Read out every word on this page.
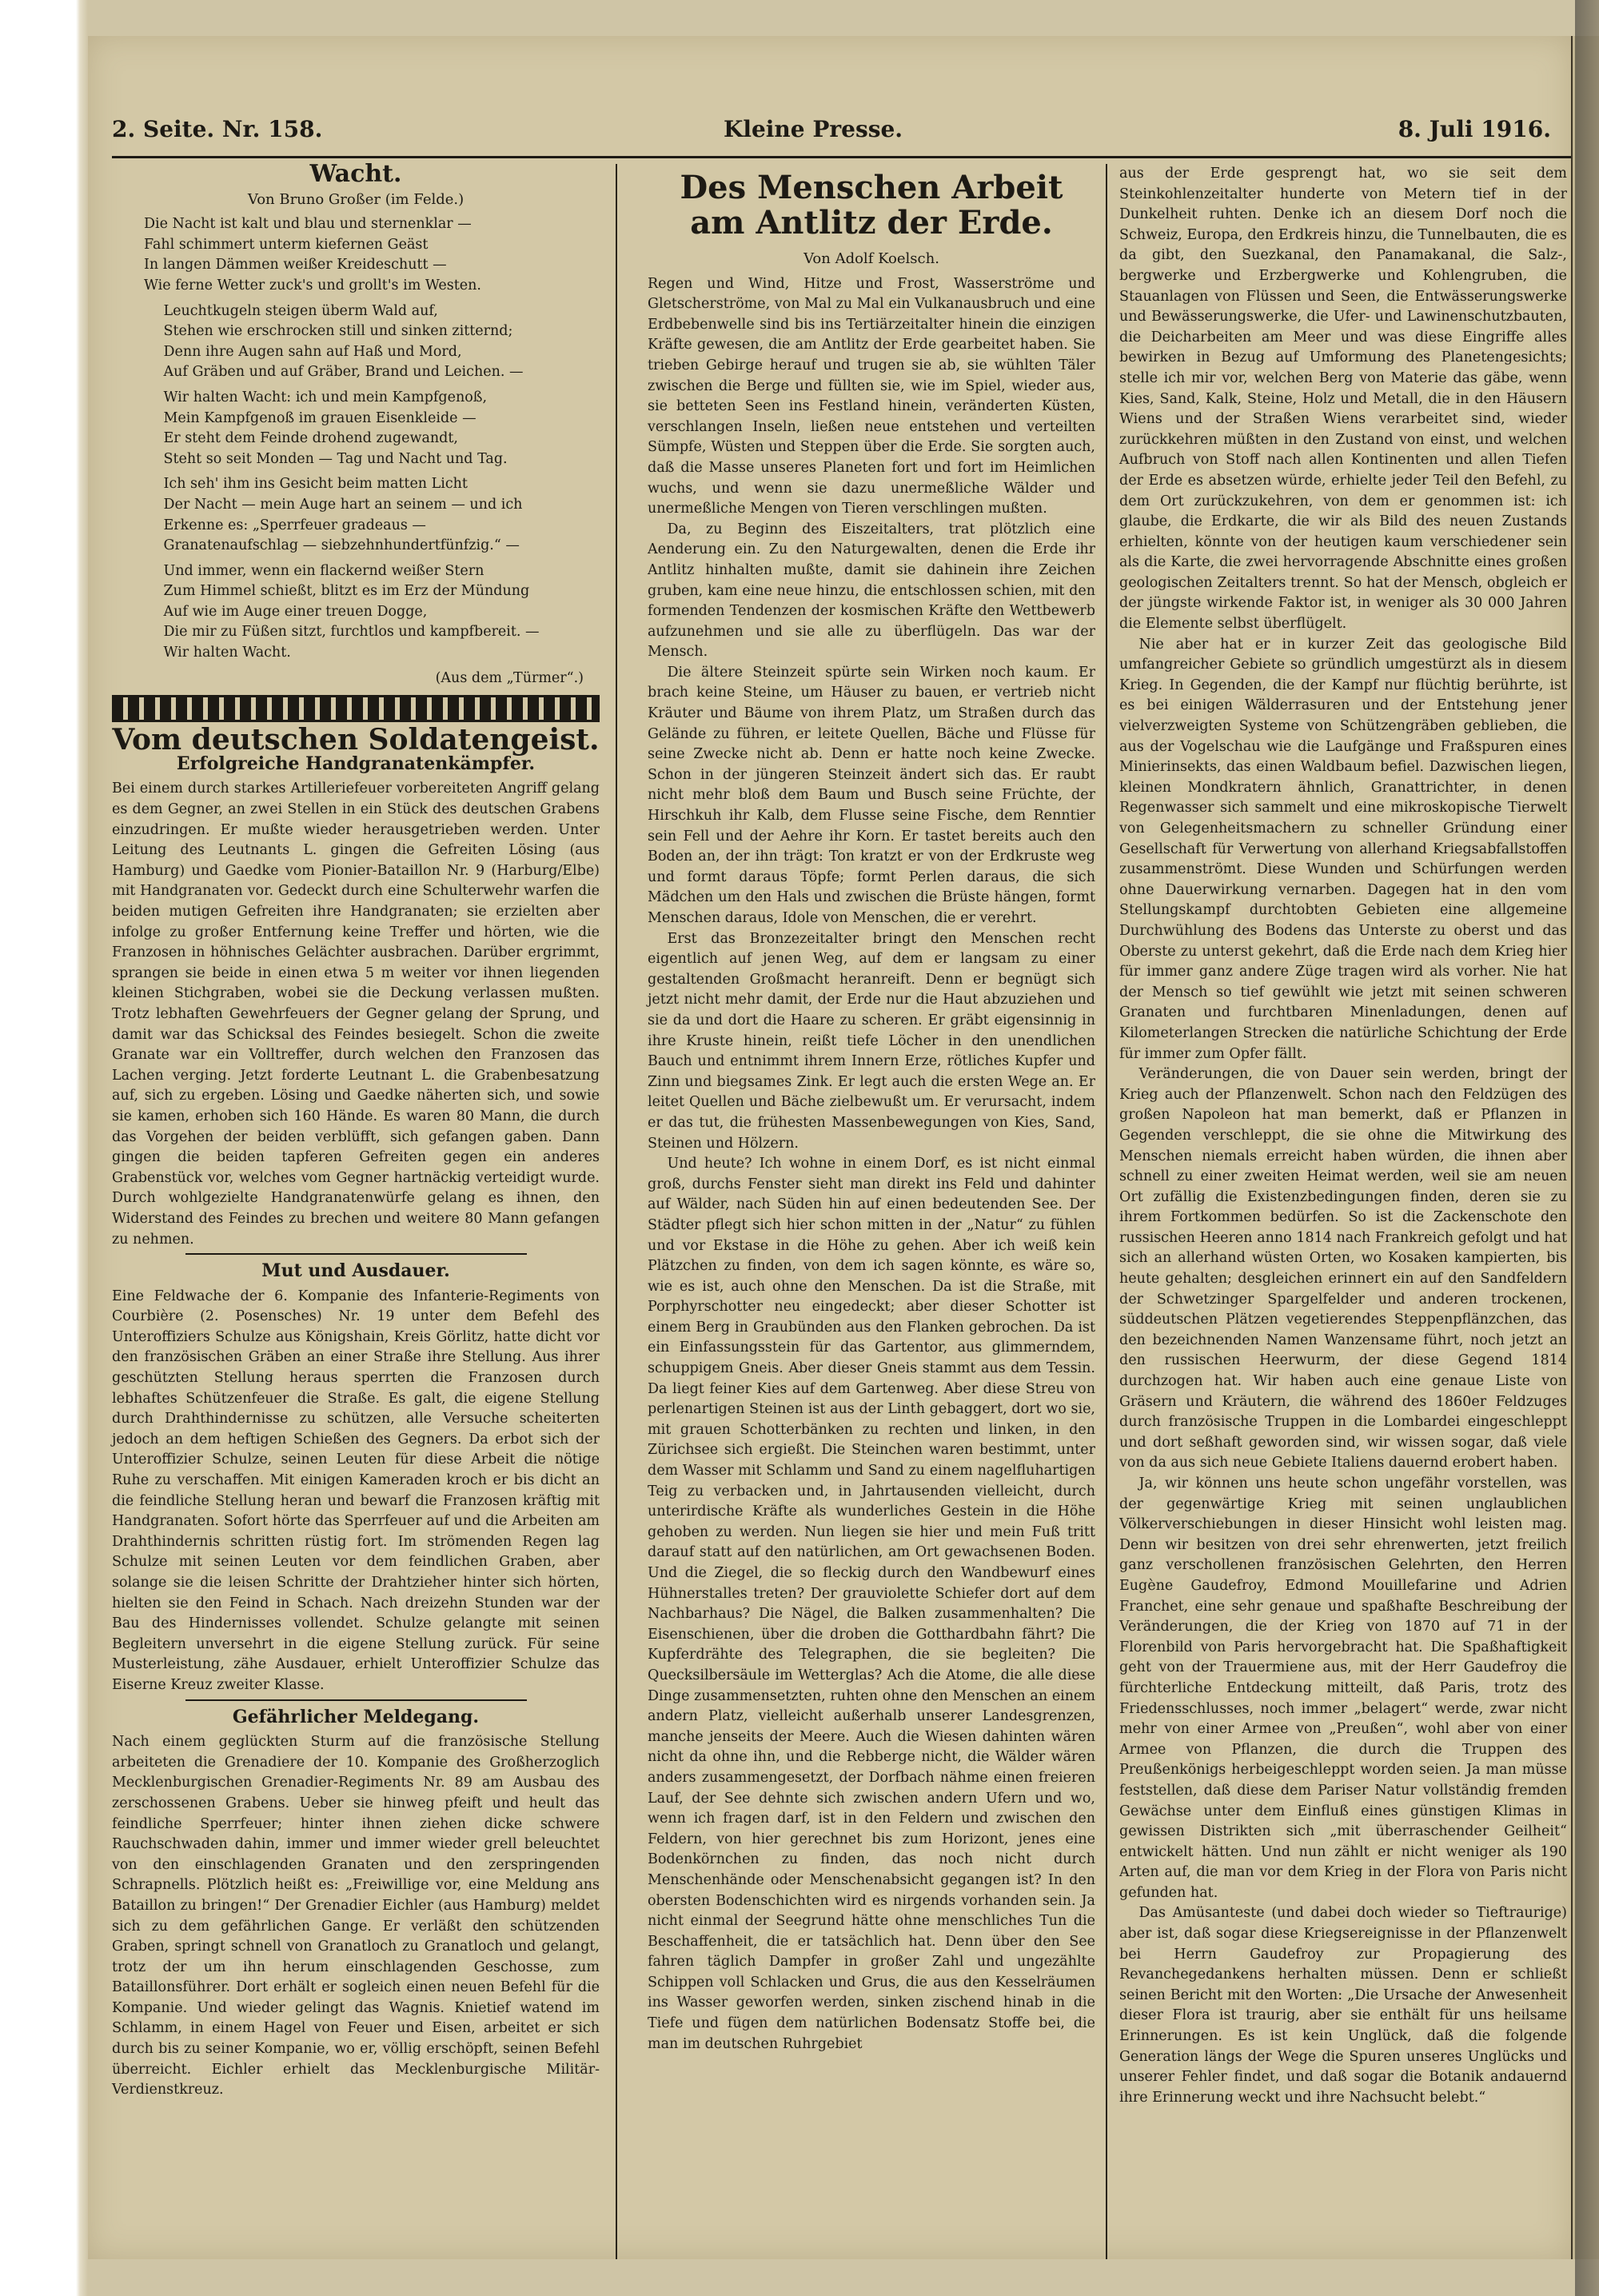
2. Seite. Nr. 158.	Kleine Presse.	8. Juli 1916.
Wacht.
Von Bruno Großer (im Felde.)

Die Nacht ist kalt und blau und sternenklar —
Fahl schimmert unterm kiefernen Geäst
In langen Dämmen weißer Kreideschutt —
Wie ferne Wetter zuck's und grollt's im Westen.

Leuchtkugeln steigen überm Wald auf,
Stehen wie erschrocken still und sinken zitternd;
Denn ihre Augen sahn auf Haß und Mord,
Auf Gräben und auf Gräber, Brand und Leichen. —

Wir halten Wacht: ich und mein Kampfgenoß,
Mein Kampfgenoß im grauen Eisenkleide —
Er steht dem Feinde drohend zugewandt,
Steht so seit Monden — Tag und Nacht und Tag.

Ich seh' ihm ins Gesicht beim matten Licht
Der Nacht — mein Auge hart an seinem — und ich
Erkenne es: „Sperrfeuer gradeaus —
Granatenaufschlag — siebzehnhundertfünfzig.“ —

Und immer, wenn ein flackernd weißer Stern
Zum Himmel schießt, blitzt es im Erz der Mündung
Auf wie im Auge einer treuen Dogge,
Die mir zu Füßen sitzt, furchtlos und kampfbereit. —
Wir halten Wacht.

(Aus dem „Türmer“.)
Vom deutschen Soldatengeist.
Erfolgreiche Handgranatenkämpfer.

Bei einem durch starkes Artilleriefeuer vorbereiteten Angriff gelang es dem Gegner, an zwei Stellen in ein Stück des deutschen Grabens einzudringen. Er mußte wieder herausgetrieben werden. Unter Leitung des Leutnants L. gingen die Gefreiten Lösing (aus Hamburg) und Gaedke vom Pionier-Bataillon Nr. 9 (Harburg/Elbe) mit Handgranaten vor. Gedeckt durch eine Schulterwehr warfen die beiden mutigen Gefreiten ihre Handgranaten; sie erzielten aber infolge zu großer Entfernung keine Treffer und hörten, wie die Franzosen in höhnisches Gelächter ausbrachen. Darüber ergrimmt, sprangen sie beide in einen etwa 5 m weiter vor ihnen liegenden kleinen Stichgraben, wobei sie die Deckung verlassen mußten. Trotz lebhaften Gewehrfeuers der Gegner gelang der Sprung, und damit war das Schicksal des Feindes besiegelt. Schon die zweite Granate war ein Volltreffer, durch welchen den Franzosen das Lachen verging. Jetzt forderte Leutnant L. die Grabenbesatzung auf, sich zu ergeben. Lösing und Gaedke näherten sich, und sowie sie kamen, erhoben sich 160 Hände. Es waren 80 Mann, die durch das Vorgehen der beiden verblüfft, sich gefangen gaben. Dann gingen die beiden tapferen Gefreiten gegen ein anderes Grabenstück vor, welches vom Gegner hartnäckig verteidigt wurde. Durch wohlgezielte Handgranatenwürfe gelang es ihnen, den Widerstand des Feindes zu brechen und weitere 80 Mann gefangen zu nehmen.

Mut und Ausdauer.

Eine Feldwache der 6. Kompanie des Infanterie-Regiments von Courbière (2. Posensches) Nr. 19 unter dem Befehl des Unteroffiziers Schulze aus Königshain, Kreis Görlitz, hatte dicht vor den französischen Gräben an einer Straße ihre Stellung. Aus ihrer geschützten Stellung heraus sperrten die Franzosen durch lebhaftes Schützenfeuer die Straße. Es galt, die eigene Stellung durch Drahthindernisse zu schützen, alle Versuche scheiterten jedoch an dem heftigen Schießen des Gegners. Da erbot sich der Unteroffizier Schulze, seinen Leuten für diese Arbeit die nötige Ruhe zu verschaffen. Mit einigen Kameraden kroch er bis dicht an die feindliche Stellung heran und bewarf die Franzosen kräftig mit Handgranaten. Sofort hörte das Sperrfeuer auf und die Arbeiten am Drahthindernis schritten rüstig fort. Im strömenden Regen lag Schulze mit seinen Leuten vor dem feindlichen Graben, aber solange sie die leisen Schritte der Drahtzieher hinter sich hörten, hielten sie den Feind in Schach. Nach dreizehn Stunden war der Bau des Hindernisses vollendet. Schulze gelangte mit seinen Begleitern unversehrt in die eigene Stellung zurück. Für seine Musterleistung, zähe Ausdauer, erhielt Unteroffizier Schulze das Eiserne Kreuz zweiter Klasse.

Gefährlicher Meldegang.

Nach einem geglückten Sturm auf die französische Stellung arbeiteten die Grenadiere der 10. Kompanie des Großherzoglich Mecklenburgischen Grenadier-Regiments Nr. 89 am Ausbau des zerschossenen Grabens. Ueber sie hinweg pfeift und heult das feindliche Sperrfeuer; hinter ihnen ziehen dicke schwere Rauchschwaden dahin, immer und immer wieder grell beleuchtet von den einschlagenden Granaten und den zerspringenden Schrapnells. Plötzlich heißt es: „Freiwillige vor, eine Meldung ans Bataillon zu bringen!“ Der Grenadier Eichler (aus Hamburg) meldet sich zu dem gefährlichen Gange. Er verläßt den schützenden Graben, springt schnell von Granatloch zu Granatloch und gelangt, trotz der um ihn herum einschlagenden Geschosse, zum Bataillonsführer. Dort erhält er sogleich einen neuen Befehl für die Kompanie. Und wieder gelingt das Wagnis. Knietief watend im Schlamm, in einem Hagel von Feuer und Eisen, arbeitet er sich durch bis zu seiner Kompanie, wo er, völlig erschöpft, seinen Befehl überreicht. Eichler erhielt das Mecklenburgische Militär-Verdienstkreuz.

Des Menschen Arbeit am Antlitz der Erde.
Von Adolf Koelsch.

Regen und Wind, Hitze und Frost, Wasserströme und Gletscherströme, von Mal zu Mal ein Vulkanausbruch und eine Erdbebenwelle sind bis ins Tertiärzeitalter hinein die einzigen Kräfte gewesen, die am Antlitz der Erde gearbeitet haben. Sie trieben Gebirge herauf und trugen sie ab, sie wühlten Täler zwischen die Berge und füllten sie, wie im Spiel, wieder aus, sie betteten Seen ins Festland hinein, veränderten Küsten, verschlangen Inseln, ließen neue entstehen und verteilten Sümpfe, Wüsten und Steppen über die Erde. Sie sorgten auch, daß die Masse unseres Planeten fort und fort im Heimlichen wuchs, und wenn sie dazu unermeßliche Wälder und unermeßliche Mengen von Tieren verschlingen mußten.

Da, zu Beginn des Eiszeitalters, trat plötzlich eine Aenderung ein. Zu den Naturgewalten, denen die Erde ihr Antlitz hinhalten mußte, damit sie dahinein ihre Zeichen gruben, kam eine neue hinzu, die entschlossen schien, mit den formenden Tendenzen der kosmischen Kräfte den Wettbewerb aufzunehmen und sie alle zu überflügeln. Das war der Mensch.

Die ältere Steinzeit spürte sein Wirken noch kaum. Er brach keine Steine, um Häuser zu bauen, er vertrieb nicht Kräuter und Bäume von ihrem Platz, um Straßen durch das Gelände zu führen, er leitete Quellen, Bäche und Flüsse für seine Zwecke nicht ab. Denn er hatte noch keine Zwecke. Schon in der jüngeren Steinzeit ändert sich das. Er raubt nicht mehr bloß dem Baum und Busch seine Früchte, der Hirschkuh ihr Kalb, dem Flusse seine Fische, dem Renntier sein Fell und der Aehre ihr Korn. Er tastet bereits auch den Boden an, der ihn trägt: Ton kratzt er von der Erdkruste weg und formt daraus Töpfe; formt Perlen daraus, die sich Mädchen um den Hals und zwischen die Brüste hängen, formt Menschen daraus, Idole von Menschen, die er verehrt.

Erst das Bronzezeitalter bringt den Menschen recht eigentlich auf jenen Weg, auf dem er langsam zu einer gestaltenden Großmacht heranreift. Denn er begnügt sich jetzt nicht mehr damit, der Erde nur die Haut abzuziehen und sie da und dort die Haare zu scheren. Er gräbt eigensinnig in ihre Kruste hinein, reißt tiefe Löcher in den unendlichen Bauch und entnimmt ihrem Innern Erze, rötliches Kupfer und Zinn und biegsames Zink. Er legt auch die ersten Wege an. Er leitet Quellen und Bäche zielbewußt um. Er verursacht, indem er das tut, die frühesten Massenbewegungen von Kies, Sand, Steinen und Hölzern.

Und heute? Ich wohne in einem Dorf, es ist nicht einmal groß, durchs Fenster sieht man direkt ins Feld und dahinter auf Wälder, nach Süden hin auf einen bedeutenden See. Der Städter pflegt sich hier schon mitten in der „Natur“ zu fühlen und vor Ekstase in die Höhe zu gehen. Aber ich weiß kein Plätzchen zu finden, von dem ich sagen könnte, es wäre so, wie es ist, auch ohne den Menschen. Da ist die Straße, mit Porphyrschotter neu eingedeckt; aber dieser Schotter ist einem Berg in Graubünden aus den Flanken gebrochen. Da ist ein Einfassungsstein für das Gartentor, aus glimmerndem, schuppigem Gneis. Aber dieser Gneis stammt aus dem Tessin. Da liegt feiner Kies auf dem Gartenweg. Aber diese Streu von perlenartigen Steinen ist aus der Linth gebaggert, dort wo sie, mit grauen Schotterbänken zu rechten und linken, in den Zürichsee sich ergießt. Die Steinchen waren bestimmt, unter dem Wasser mit Schlamm und Sand zu einem nagelfluhartigen Teig zu verbacken und, in Jahrtausenden vielleicht, durch unterirdische Kräfte als wunderliches Gestein in die Höhe gehoben zu werden. Nun liegen sie hier und mein Fuß tritt darauf statt auf den natürlichen, am Ort gewachsenen Boden. Und die Ziegel, die so fleckig durch den Wandbewurf eines Hühnerstalles treten? Der grauviolette Schiefer dort auf dem Nachbarhaus? Die Nägel, die Balken zusammenhalten? Die Eisenschienen, über die droben die Gotthardbahn fährt? Die Kupferdrähte des Telegraphen, die sie begleiten? Die Quecksilbersäule im Wetterglas? Ach die Atome, die alle diese Dinge zusammensetzten, ruhten ohne den Menschen an einem andern Platz, vielleicht außerhalb unserer Landesgrenzen, manche jenseits der Meere. Auch die Wiesen dahinten wären nicht da ohne ihn, und die Rebberge nicht, die Wälder wären anders zusammengesetzt, der Dorfbach nähme einen freieren Lauf, der See dehnte sich zwischen andern Ufern und wo, wenn ich fragen darf, ist in den Feldern und zwischen den Feldern, von hier gerechnet bis zum Horizont, jenes eine Bodenkörnchen zu finden, das noch nicht durch Menschenhände oder Menschenabsicht gegangen ist? In den obersten Bodenschichten wird es nirgends vorhanden sein. Ja nicht einmal der Seegrund hätte ohne menschliches Tun die Beschaffenheit, die er tatsächlich hat. Denn über den See fahren täglich Dampfer in großer Zahl und ungezählte Schippen voll Schlacken und Grus, die aus den Kesselräumen ins Wasser geworfen werden, sinken zischend hinab in die Tiefe und fügen dem natürlichen Bodensatz Stoffe bei, die man im deutschen Ruhrgebiet

aus der Erde gesprengt hat, wo sie seit dem Steinkohlenzeitalter hunderte von Metern tief in der Dunkelheit ruhten. Denke ich an diesem Dorf noch die Schweiz, Europa, den Erdkreis hinzu, die Tunnelbauten, die es da gibt, den Suezkanal, den Panamakanal, die Salz-, bergwerke und Erzbergwerke und Kohlengruben, die Stauanlagen von Flüssen und Seen, die Entwässerungswerke und Bewässerungswerke, die Ufer- und Lawinenschutzbauten, die Deicharbeiten am Meer und was diese Eingriffe alles bewirken in Bezug auf Umformung des Planetengesichts; stelle ich mir vor, welchen Berg von Materie das gäbe, wenn Kies, Sand, Kalk, Steine, Holz und Metall, die in den Häusern Wiens und der Straßen Wiens verarbeitet sind, wieder zurückkehren müßten in den Zustand von einst, und welchen Aufbruch von Stoff nach allen Kontinenten und allen Tiefen der Erde es absetzen würde, erhielte jeder Teil den Befehl, zu dem Ort zurückzukehren, von dem er genommen ist: ich glaube, die Erdkarte, die wir als Bild des neuen Zustands erhielten, könnte von der heutigen kaum verschiedener sein als die Karte, die zwei hervorragende Abschnitte eines großen geologischen Zeitalters trennt. So hat der Mensch, obgleich er der jüngste wirkende Faktor ist, in weniger als 30 000 Jahren die Elemente selbst überflügelt.

Nie aber hat er in kurzer Zeit das geologische Bild umfangreicher Gebiete so gründlich umgestürzt als in diesem Krieg. In Gegenden, die der Kampf nur flüchtig berührte, ist es bei einigen Wälderrasuren und der Entstehung jener vielverzweigten Systeme von Schützengräben geblieben, die aus der Vogelschau wie die Laufgänge und Fraßspuren eines Minierinsekts, das einen Waldbaum befiel. Dazwischen liegen, kleinen Mondkratern ähnlich, Granattrichter, in denen Regenwasser sich sammelt und eine mikroskopische Tierwelt von Gelegenheitsmachern zu schneller Gründung einer Gesellschaft für Verwertung von allerhand Kriegsabfallstoffen zusammenströmt. Diese Wunden und Schürfungen werden ohne Dauerwirkung vernarben. Dagegen hat in den vom Stellungskampf durchtobten Gebieten eine allgemeine Durchwühlung des Bodens das Unterste zu oberst und das Oberste zu unterst gekehrt, daß die Erde nach dem Krieg hier für immer ganz andere Züge tragen wird als vorher. Nie hat der Mensch so tief gewühlt wie jetzt mit seinen schweren Granaten und furchtbaren Minenladungen, denen auf Kilometerlangen Strecken die natürliche Schichtung der Erde für immer zum Opfer fällt.

Veränderungen, die von Dauer sein werden, bringt der Krieg auch der Pflanzenwelt. Schon nach den Feldzügen des großen Napoleon hat man bemerkt, daß er Pflanzen in Gegenden verschleppt, die sie ohne die Mitwirkung des Menschen niemals erreicht haben würden, die ihnen aber schnell zu einer zweiten Heimat werden, weil sie am neuen Ort zufällig die Existenzbedingungen finden, deren sie zu ihrem Fortkommen bedürfen. So ist die Zackenschote den russischen Heeren anno 1814 nach Frankreich gefolgt und hat sich an allerhand wüsten Orten, wo Kosaken kampierten, bis heute gehalten; desgleichen erinnert ein auf den Sandfeldern der Schwetzinger Spargelfelder und anderen trockenen, süddeutschen Plätzen vegetierendes Steppenpflänzchen, das den bezeichnenden Namen Wanzensame führt, noch jetzt an den russischen Heerwurm, der diese Gegend 1814 durchzogen hat. Wir haben auch eine genaue Liste von Gräsern und Kräutern, die während des 1860er Feldzuges durch französische Truppen in die Lombardei eingeschleppt und dort seßhaft geworden sind, wir wissen sogar, daß viele von da aus sich neue Gebiete Italiens dauernd erobert haben.

Ja, wir können uns heute schon ungefähr vorstellen, was der gegenwärtige Krieg mit seinen unglaublichen Völkerverschiebungen in dieser Hinsicht wohl leisten mag. Denn wir besitzen von drei sehr ehrenwerten, jetzt freilich ganz verschollenen französischen Gelehrten, den Herren Eugène Gaudefroy, Edmond Mouillefarine und Adrien Franchet, eine sehr genaue und spaßhafte Beschreibung der Veränderungen, die der Krieg von 1870 auf 71 in der Florenbild von Paris hervorgebracht hat. Die Spaßhaftigkeit geht von der Trauermiene aus, mit der Herr Gaudefroy die fürchterliche Entdeckung mitteilt, daß Paris, trotz des Friedensschlusses, noch immer „belagert“ werde, zwar nicht mehr von einer Armee von „Preußen“, wohl aber von einer Armee von Pflanzen, die durch die Truppen des Preußenkönigs herbeigeschleppt worden seien. Ja man müsse feststellen, daß diese dem Pariser Natur vollständig fremden Gewächse unter dem Einfluß eines günstigen Klimas in gewissen Distrikten sich „mit überraschender Geilheit“ entwickelt hätten. Und nun zählt er nicht weniger als 190 Arten auf, die man vor dem Krieg in der Flora von Paris nicht gefunden hat.

Das Amüsanteste (und dabei doch wieder so Tieftraurige) aber ist, daß sogar diese Kriegsereignisse in der Pflanzenwelt bei Herrn Gaudefroy zur Propagierung des Revanchegedankens herhalten müssen. Denn er schließt seinen Bericht mit den Worten: „Die Ursache der Anwesenheit dieser Flora ist traurig, aber sie enthält für uns heilsame Erinnerungen. Es ist kein Unglück, daß die folgende Generation längs der Wege die Spuren unseres Unglücks und unserer Fehler findet, und daß sogar die Botanik andauernd ihre Erinnerung weckt und ihre Nachsucht belebt.“
